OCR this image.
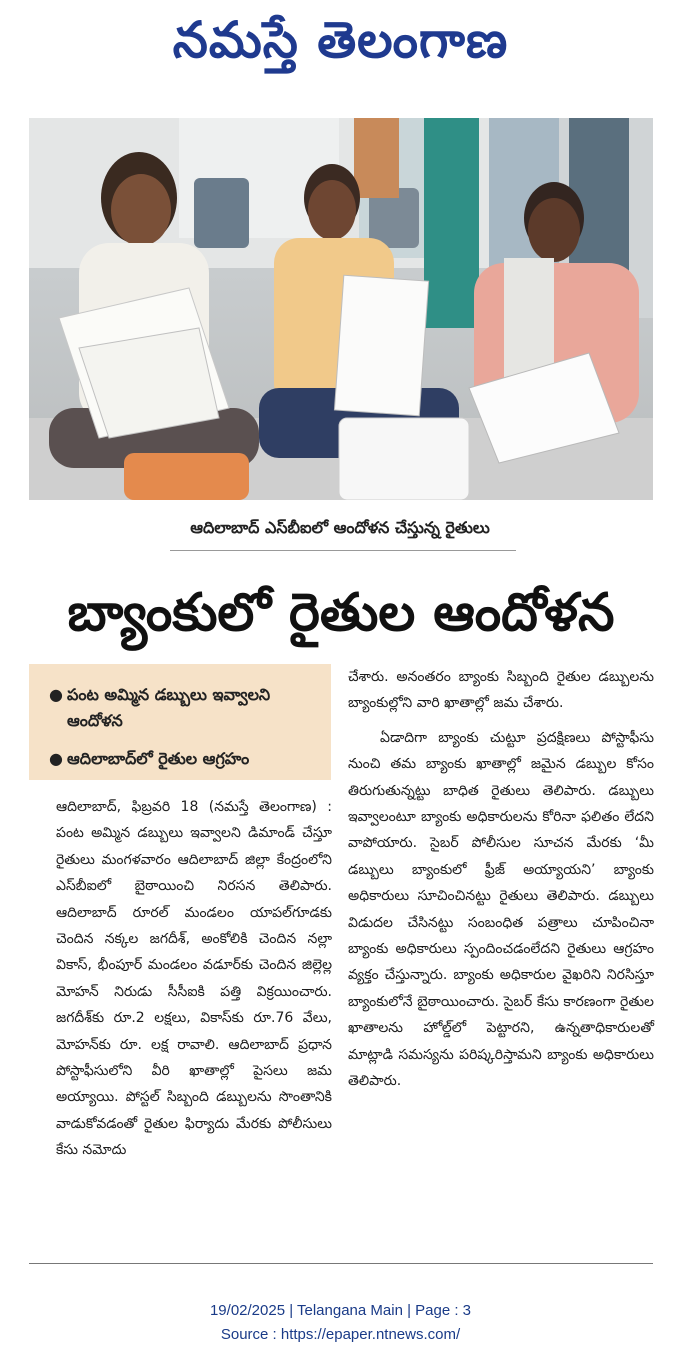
నమస్తే తెలంగాణ
ఆదిలాబాద్ ఎస్‌బీఐలో ఆందోళన చేస్తున్న రైతులు
బ్యాంకులో రైతుల ఆందోళన
● పంట అమ్మిన డబ్బులు ఇవ్వాలని ఆందోళన
● ఆదిలాబాద్‌లో రైతుల ఆగ్రహం

ఆదిలాబాద్, ఫిబ్రవరి 18 (నమస్తే తెలంగాణ) : పంట అమ్మిన డబ్బులు ఇవ్వాలని డిమాండ్ చేస్తూ రైతులు మంగళవారం ఆదిలాబాద్ జిల్లా కేంద్రంలోని ఎస్‌బీఐలో బైఠాయించి నిరసన తెలిపారు. ఆదిలాబాద్ రూరల్ మండలం యాపల్‌గూడకు చెందిన నక్కల జగదీశ్, అంకోలికి చెందిన నల్లా వికాస్, భీంపూర్ మండలం వడూర్‌కు చెందిన జిల్లెల్ల మోహన్ నిరుడు సీసీఐకి పత్తి విక్రయించారు. జగదీశ్‌కు రూ.2 లక్షలు, వికాస్‌కు రూ.76 వేలు, మోహన్‌కు రూ. లక్ష రావాలి. ఆదిలాబాద్ ప్రధాన పోస్టాఫీసులోని వీరి ఖాతాల్లో పైసలు జమ అయ్యాయి. పోస్టల్ సిబ్బంది డబ్బులను సొంతానికి వాడుకోవడంతో రైతుల ఫిర్యాదు మేరకు పోలీసులు కేసు నమోదు

చేశారు. అనంతరం బ్యాంకు సిబ్బంది రైతుల డబ్బులను బ్యాంకుల్లోని వారి ఖాతాల్లో జమ చేశారు.

ఏడాదిగా బ్యాంకు చుట్టూ ప్రదక్షిణలు పోస్టాఫీసు నుంచి తమ బ్యాంకు ఖాతాల్లో జమైన డబ్బుల కోసం తిరుగుతున్నట్టు బాధిత రైతులు తెలిపారు. డబ్బులు ఇవ్వాలంటూ బ్యాంకు అధికారులను కోరినా ఫలితం లేదని వాపోయారు. సైబర్ పోలీసుల సూచన మేరకు ‘మీ డబ్బులు బ్యాంకులో ఫ్రీజ్ అయ్యాయని’ బ్యాంకు అధికారులు సూచించినట్టు రైతులు తెలిపారు. డబ్బులు విడుదల చేసినట్టు సంబంధిత పత్రాలు చూపించినా బ్యాంకు అధికారులు స్పందించడంలేదని రైతులు ఆగ్రహం వ్యక్తం చేస్తున్నారు. బ్యాంకు అధికారుల వైఖరిని నిరసిస్తూ బ్యాంకులోనే బైఠాయించారు. సైబర్ కేసు కారణంగా రైతుల ఖాతాలను హోల్డ్‌లో పెట్టారని, ఉన్నతాధికారులతో మాట్లాడి సమస్యను పరిష్కరిస్తామని బ్యాంకు అధికారులు తెలిపారు.

19/02/2025 | Telangana Main | Page : 3
Source : https://epaper.ntnews.com/
